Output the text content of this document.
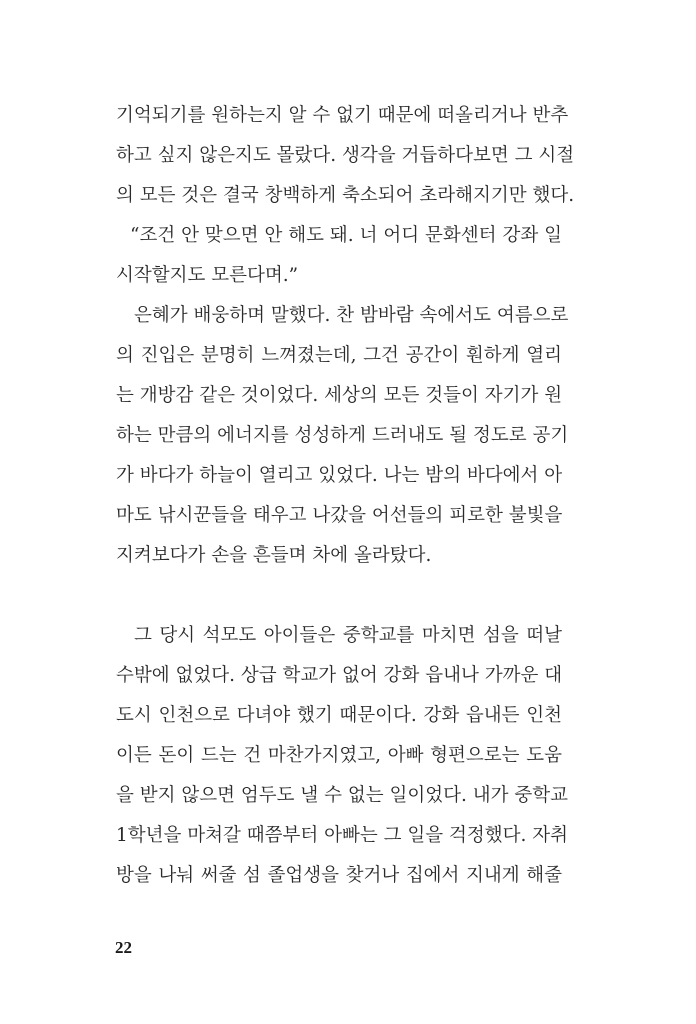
기억되기를 원하는지 알 수 없기 때문에 떠올리거나 반추
하고 싶지 않은지도 몰랐다. 생각을 거듭하다보면 그 시절
의 모든 것은 결국 창백하게 축소되어 초라해지기만 했다.
“조건 안 맞으면 안 해도 돼. 너 어디 문화센터 강좌 일
시작할지도 모른다며.”
은혜가 배웅하며 말했다. 찬 밤바람 속에서도 여름으로
의 진입은 분명히 느껴졌는데, 그건 공간이 훤하게 열리
는 개방감 같은 것이었다. 세상의 모든 것들이 자기가 원
하는 만큼의 에너지를 성성하게 드러내도 될 정도로 공기
가 바다가 하늘이 열리고 있었다. 나는 밤의 바다에서 아
마도 낚시꾼들을 태우고 나갔을 어선들의 피로한 불빛을
지켜보다가 손을 흔들며 차에 올라탔다.
그 당시 석모도 아이들은 중학교를 마치면 섬을 떠날
수밖에 없었다. 상급 학교가 없어 강화 읍내나 가까운 대
도시 인천으로 다녀야 했기 때문이다. 강화 읍내든 인천
이든 돈이 드는 건 마찬가지였고, 아빠 형편으로는 도움
을 받지 않으면 엄두도 낼 수 없는 일이었다. 내가 중학교
1학년을 마쳐갈 때쯤부터 아빠는 그 일을 걱정했다. 자취
방을 나눠 써줄 섬 졸업생을 찾거나 집에서 지내게 해줄
22
